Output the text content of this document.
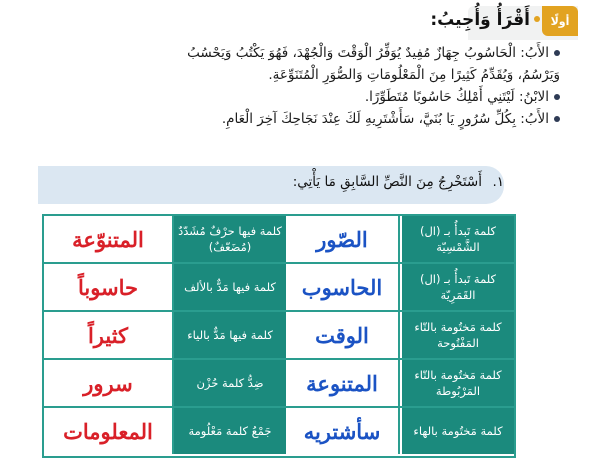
أولًا
أَقْرَأُ وَأُجِيبُ:

الأَبُ: الْحَاسُوبُ جِهَازٌ مُفِيدٌ يُوَفِّرُ الْوَقْتَ وَالْجُهْدَ، فَهُوَ يَكْتُبُ وَيَحْسُبُ

وَيَرْسُمُ، وَيُقَدِّمُ كَثِيرًا مِنَ الْمَعْلُومَاتِ وَالصُّوَرِ الْمُتَنَوِّعَةِ.

الابْنُ: لَيْتَنِي أَمْلِكُ حَاسُوبًا مُتَطَوِّرًا.

الأَبُ: بِكُلِّ سُرُورٍ يَا بُنَيَّ، سَأَشْتَرِيهِ لَكَ عِنْدَ نَجَاحِكَ آخِرَ الْعَامِ.

١.
أَسْتَخْرِجُ مِنَ النَّصِّ السَّابِقِ مَا يَأْتِي:
كلمة تَبدأُ بـ (ال) الشَّمْسِيّة
الصّور
كلمة فيها حرْفٌ مُشَدّدٌ (مُضَعّفٌ)
المتنوّعة
كلمة تَبدأُ بـ (ال) القَمَرِيّة
الحاسوب
كلمة فيها مَدٌّ بالألف
حاسوباً
كلمة مَختُومة بالتّاء المَفْتُوحة
الوقت
كلمة فيها مَدٌّ بالياء
كثيراً
كلمة مَختُومة بالتّاء المَرْبُوطة
المتنوعة
ضِدُّ كلمة حُزْن
سرور
كلمة مَختُومة بالهاء
سأشتريه
جَمْعُ كلمة مَعْلُومة
المعلومات
